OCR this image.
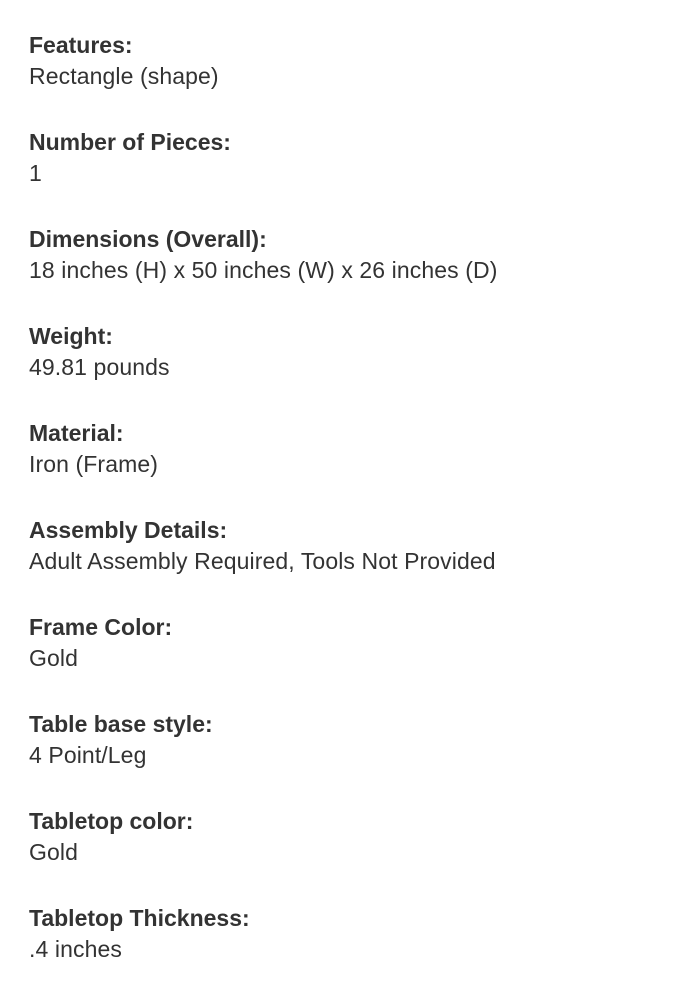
Features:
Rectangle (shape)
Number of Pieces:
1
Dimensions (Overall):
18 inches (H) x 50 inches (W) x 26 inches (D)
Weight:
49.81 pounds
Material:
Iron (Frame)
Assembly Details:
Adult Assembly Required, Tools Not Provided
Frame Color:
Gold
Table base style:
4 Point/Leg
Tabletop color:
Gold
Tabletop Thickness:
.4 inches
